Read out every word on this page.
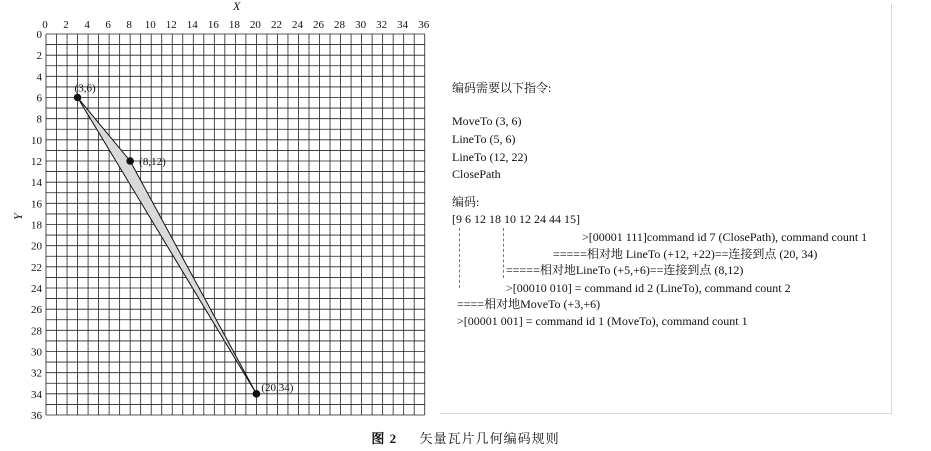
X
Y
0 2 4 6 8 10 12 14 16 18 20 22 24 26 28 30 32 34 36
0
2
4
6
8
10
12
14
16
18
20
22
24
26
28
30
32
34
36
(3,6)
(8,12)
(20,34)
编码需要以下指令:
MoveTo (3, 6)
LineTo (5, 6)
LineTo (12, 22)
ClosePath
编码:
[9 6 12 18 10 12 24 44 15]
>[00001 111]command id 7 (ClosePath), command count 1
=====相对地 LineTo (+12, +22)==连接到点 (20, 34)
=====相对地LineTo (+5,+6)==连接到点 (8,12)
>[00010 010] = command id 2 (LineTo), command count 2
====相对地MoveTo (+3,+6)
>[00001 001] = command id 1 (MoveTo), command count 1
图 2 矢量瓦片几何编码规则
